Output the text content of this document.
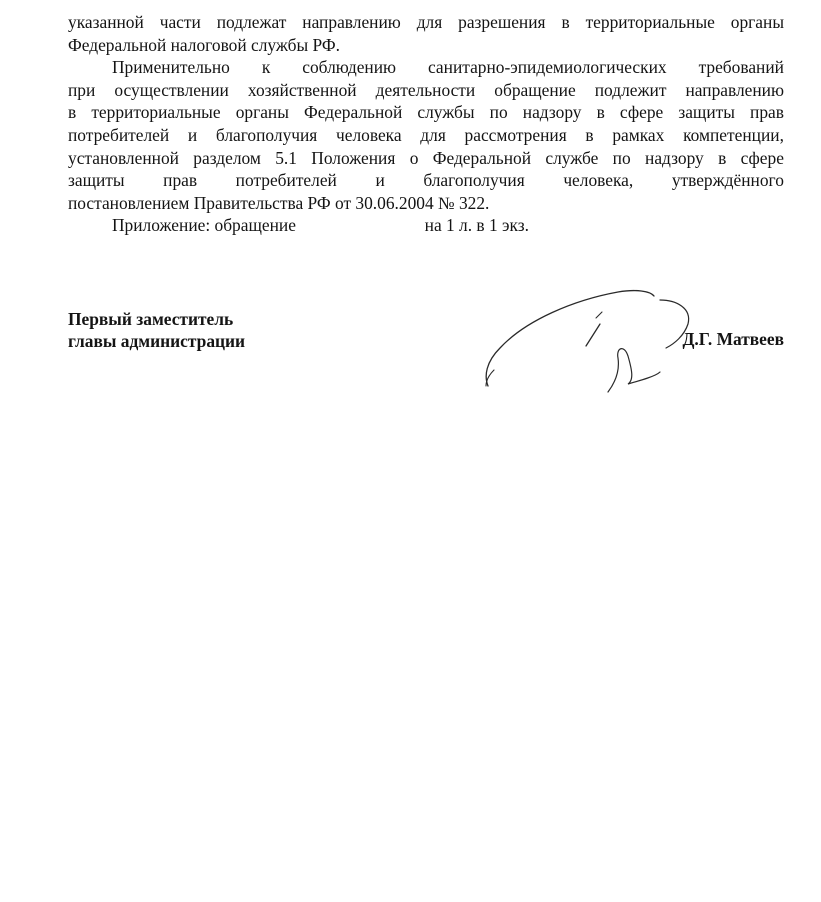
указанной части подлежат направлению для разрешения в территориальные органы
Федеральной налоговой службы РФ.
Применительно к соблюдению санитарно-эпидемиологических требований
при осуществлении хозяйственной деятельности обращение подлежит направлению
в территориальные органы Федеральной службы по надзору в сфере защиты прав
потребителей и благополучия человека для рассмотрения в рамках компетенции,
установленной разделом 5.1 Положения о Федеральной службе по надзору в сфере
защиты прав потребителей и благополучия человека, утверждённого
постановлением Правительства РФ от 30.06.2004 № 322.
Приложение: обращение	на 1 л. в 1 экз.
Первый заместитель
главы администрации	Д.Г. Матвеев
